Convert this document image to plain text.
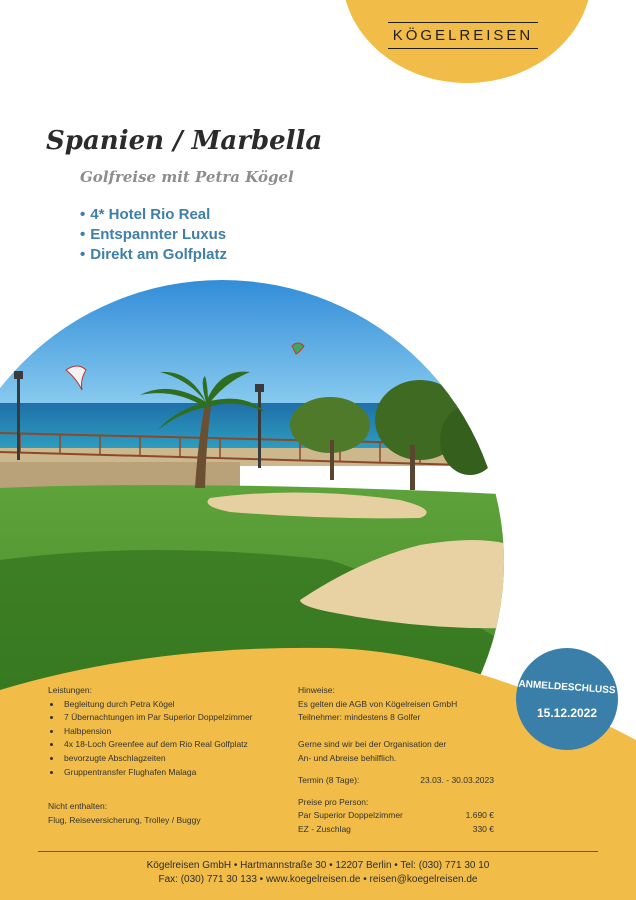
KÖGELREISEN
Spanien / Marbella
Golfreise mit Petra Kögel
• 4* Hotel Rio Real
• Entspannter Luxus
• Direkt am Golfplatz
ANMELDESCHLUSS
15.12.2022

Leistungen:

• Begleitung durch Petra Kögel
• 7 Übernachtungen im Par Superior Doppelzimmer
• Halbpension
• 4x 18-Loch Greenfee auf dem Rio Real Golfplatz
• bevorzugte Abschlagzeiten
• Gruppentransfer Flughafen Malaga

Nicht enthalten:

Flug, Reiseversicherung, Trolley / Buggy

Hinweise:

Es gelten die AGB von Kögelreisen GmbH

Teilnehmer: mindestens 8 Golfer

Gerne sind wir bei der Organisation der

An- und Abreise behilflich.

Termin (8 Tage):	23.03. - 30.03.2023

Preise pro Person:

Par Superior Doppelzimmer	1.690 €
EZ - Zuschlag	330 €
Kögelreisen GmbH • Hartmannstraße 30 • 12207 Berlin • Tel: (030) 771 30 10
Fax: (030) 771 30 133 • www.koegelreisen.de • reisen@koegelreisen.de
